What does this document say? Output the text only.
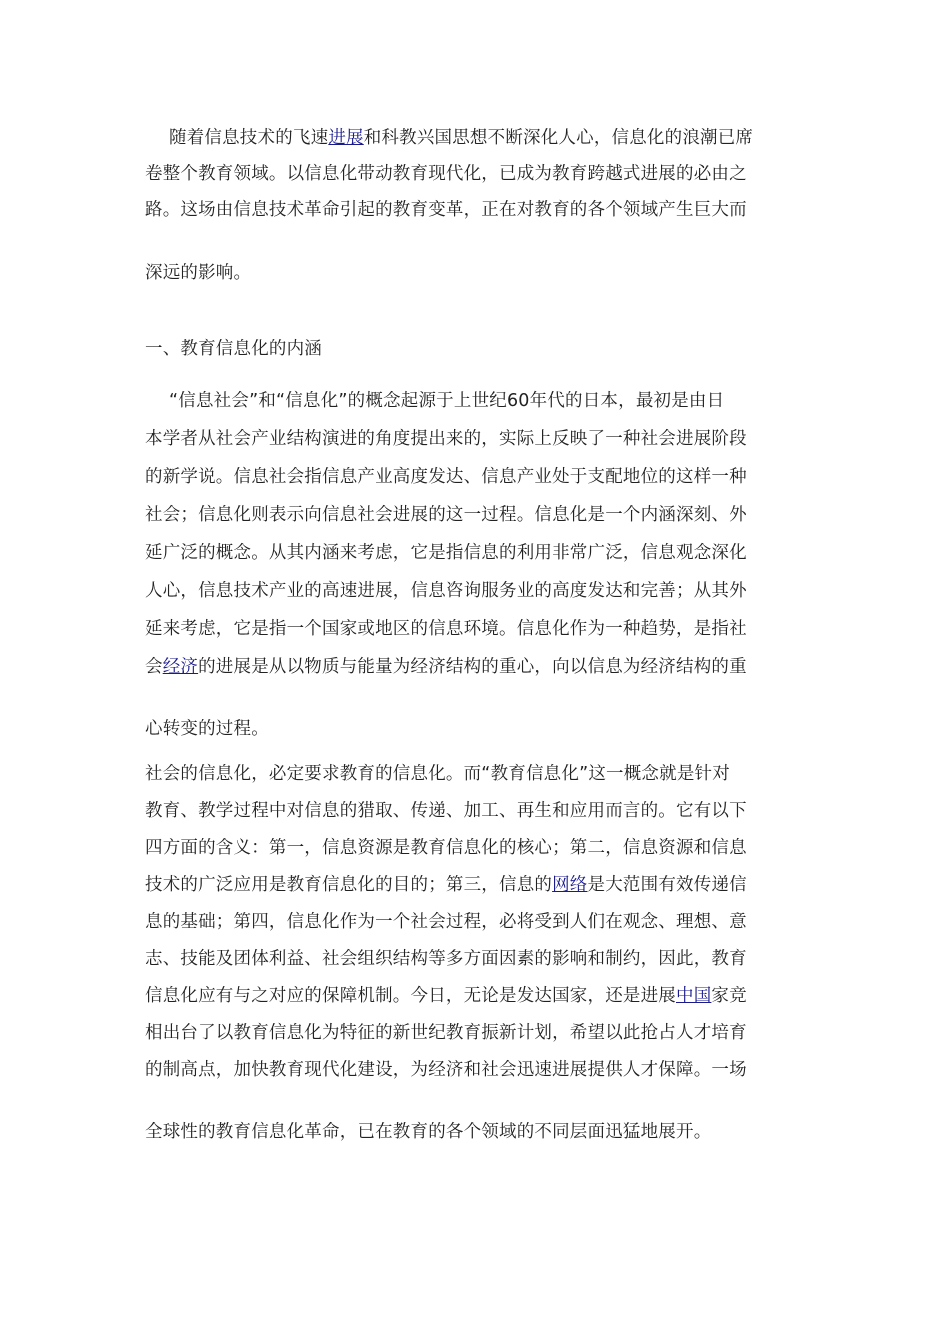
随着信息技术的飞速进展和科教兴国思想不断深化人心，信息化的浪潮已席
卷整个教育领域。以信息化带动教育现代化，已成为教育跨越式进展的必由之
路。这场由信息技术革命引起的教育变革，正在对教育的各个领域产生巨大而
深远的影响。
一、教育信息化的内涵
“信息社会”和“信息化”的概念起源于上世纪60年代的日本，最初是由日
本学者从社会产业结构演进的角度提出来的，实际上反映了一种社会进展阶段
的新学说。信息社会指信息产业高度发达、信息产业处于支配地位的这样一种
社会；信息化则表示向信息社会进展的这一过程。信息化是一个内涵深刻、外
延广泛的概念。从其内涵来考虑，它是指信息的利用非常广泛，信息观念深化
人心，信息技术产业的高速进展，信息咨询服务业的高度发达和完善；从其外
延来考虑，它是指一个国家或地区的信息环境。信息化作为一种趋势，是指社
会经济的进展是从以物质与能量为经济结构的重心，向以信息为经济结构的重
心转变的过程。
社会的信息化，必定要求教育的信息化。而“教育信息化”这一概念就是针对
教育、教学过程中对信息的猎取、传递、加工、再生和应用而言的。它有以下
四方面的含义：第一，信息资源是教育信息化的核心；第二，信息资源和信息
技术的广泛应用是教育信息化的目的；第三，信息的网络是大范围有效传递信
息的基础；第四，信息化作为一个社会过程，必将受到人们在观念、理想、意
志、技能及团体利益、社会组织结构等多方面因素的影响和制约，因此，教育
信息化应有与之对应的保障机制。今日，无论是发达国家，还是进展中国家竞
相出台了以教育信息化为特征的新世纪教育振新计划，希望以此抢占人才培育
的制高点，加快教育现代化建设，为经济和社会迅速进展提供人才保障。一场
全球性的教育信息化革命，已在教育的各个领域的不同层面迅猛地展开。
